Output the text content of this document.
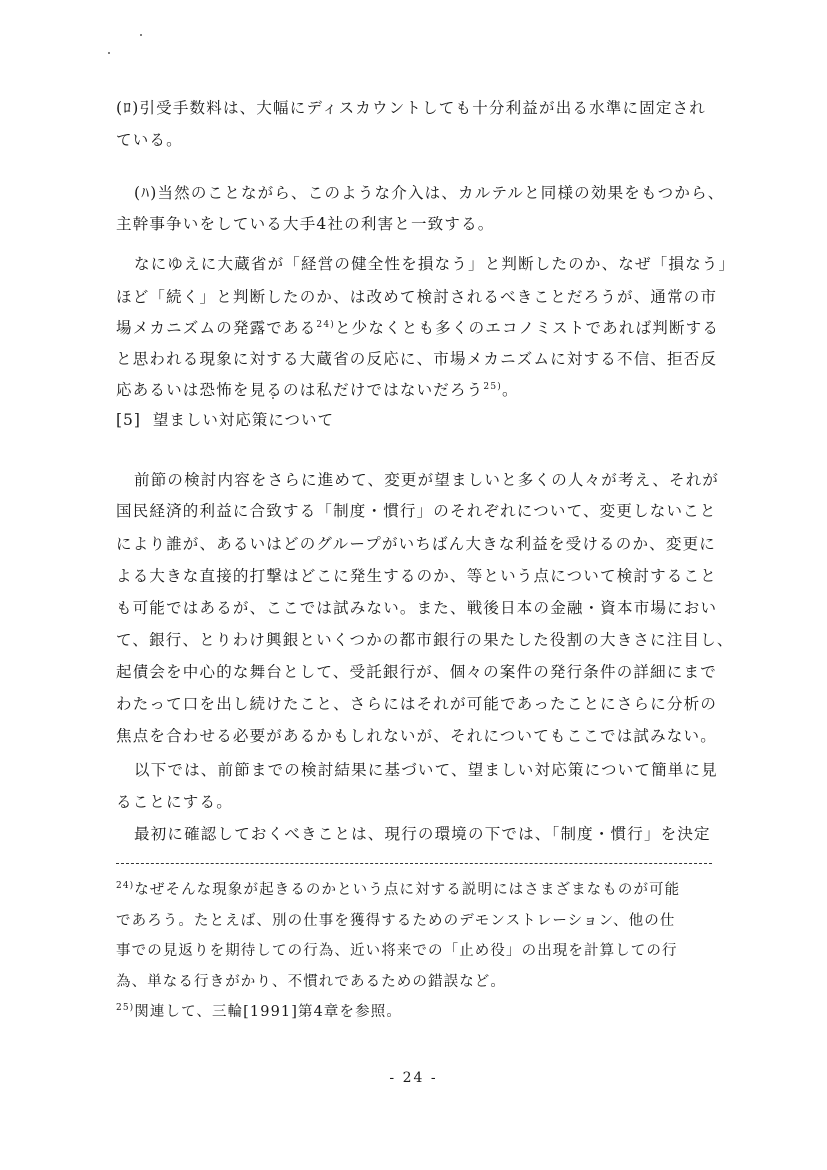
(ﾛ)引受手数料は、大幅にディスカウントしても十分利益が出る水準に固定され
ている。
(ﾊ)当然のことながら、このような介入は、カルテルと同様の効果をもつから、
主幹事争いをしている大手4社の利害と一致する。
なにゆえに大蔵省が「経営の健全性を損なう」と判断したのか、なぜ「損なう」
ほど「続く」と判断したのか、は改めて検討されるべきことだろうが、通常の市
場メカニズムの発露である$^{24)}$と少なくとも多くのエコノミストであれば判断する
と思われる現象に対する大蔵省の反応に、市場メカニズムに対する不信、拒否反
応あるいは恐怖を見るのは私だけではないだろう$^{25)}$。
[5] 望ましい対応策について
前節の検討内容をさらに進めて、変更が望ましいと多くの人々が考え、それが
国民経済的利益に合致する「制度・慣行」のそれぞれについて、変更しないこと
により誰が、あるいはどのグループがいちばん大きな利益を受けるのか、変更に
よる大きな直接的打撃はどこに発生するのか、等という点について検討すること
も可能ではあるが、ここでは試みない。また、戦後日本の金融・資本市場におい
て、銀行、とりわけ興銀といくつかの都市銀行の果たした役割の大きさに注目し、
起債会を中心的な舞台として、受託銀行が、個々の案件の発行条件の詳細にまで
わたって口を出し続けたこと、さらにはそれが可能であったことにさらに分析の
焦点を合わせる必要があるかもしれないが、それについてもここでは試みない。
以下では、前節までの検討結果に基づいて、望ましい対応策について簡単に見
ることにする。
最初に確認しておくべきことは、現行の環境の下では、「制度・慣行」を決定
$^{24)}$なぜそんな現象が起きるのかという点に対する説明にはさまざまなものが可能
であろう。たとえば、別の仕事を獲得するためのデモンストレーション、他の仕
事での見返りを期待しての行為、近い将来での「止め役」の出現を計算しての行
為、単なる行きがかり、不慣れであるための錯誤など。
$^{25)}$関連して、三輪[1991]第4章を参照。
- 24 -
